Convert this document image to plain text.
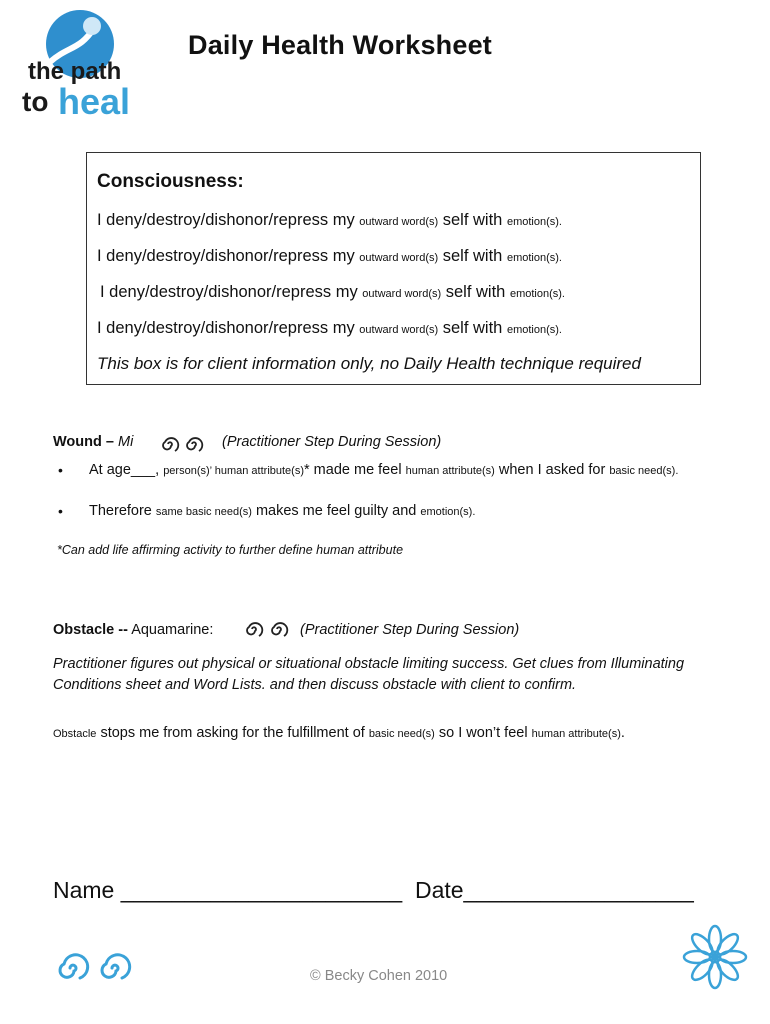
the path
to heal
Daily Health Worksheet
Consciousness:
I deny/destroy/dishonor/repress my outward word(s) self with emotion(s).
I deny/destroy/dishonor/repress my outward word(s) self with emotion(s).
I deny/destroy/dishonor/repress my outward word(s) self with emotion(s).
I deny/destroy/dishonor/repress my outward word(s) self with emotion(s).
This box is for client information only, no Daily Health technique required
Wound – Mi	(Practitioner Step During Session)
• At age___, person(s)’ human attribute(s)* made me feel human attribute(s) when I asked for basic need(s).
• Therefore same basic need(s) makes me feel guilty and emotion(s).
*Can add life affirming activity to further define human attribute
Obstacle -- Aquamarine:	(Practitioner Step During Session)
Practitioner figures out physical or situational obstacle limiting success. Get clues from Illuminating
Conditions sheet and Word Lists. and then discuss obstacle with client to confirm.
Obstacle stops me from asking for the fulfillment of basic need(s) so I won’t feel human attribute(s).
Name ______________________ Date__________________
© Becky Cohen 2010
